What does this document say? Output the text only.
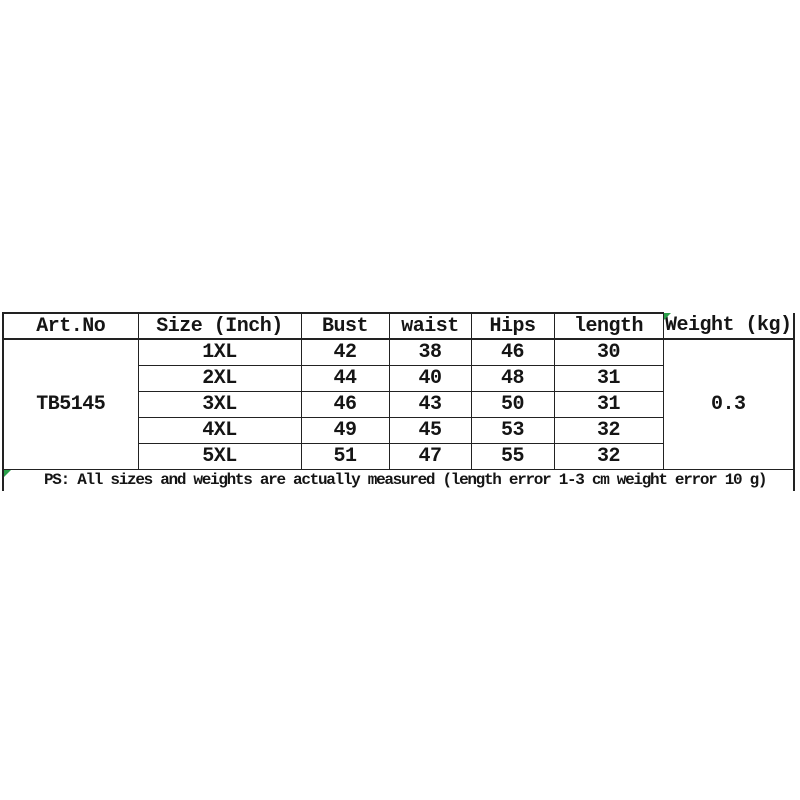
Art.No	Size (Inch)	Bust	waist	Hips	length	Weight (kg)
TB5145	1XL	42	38	46	30	0.3
	2XL	44	40	48	31	
	3XL	46	43	50	31	
	4XL	49	45	53	32	
	5XL	51	47	55	32	

PS: All sizes and weights are actually measured (length error 1-3 cm weight error 10 g)						
